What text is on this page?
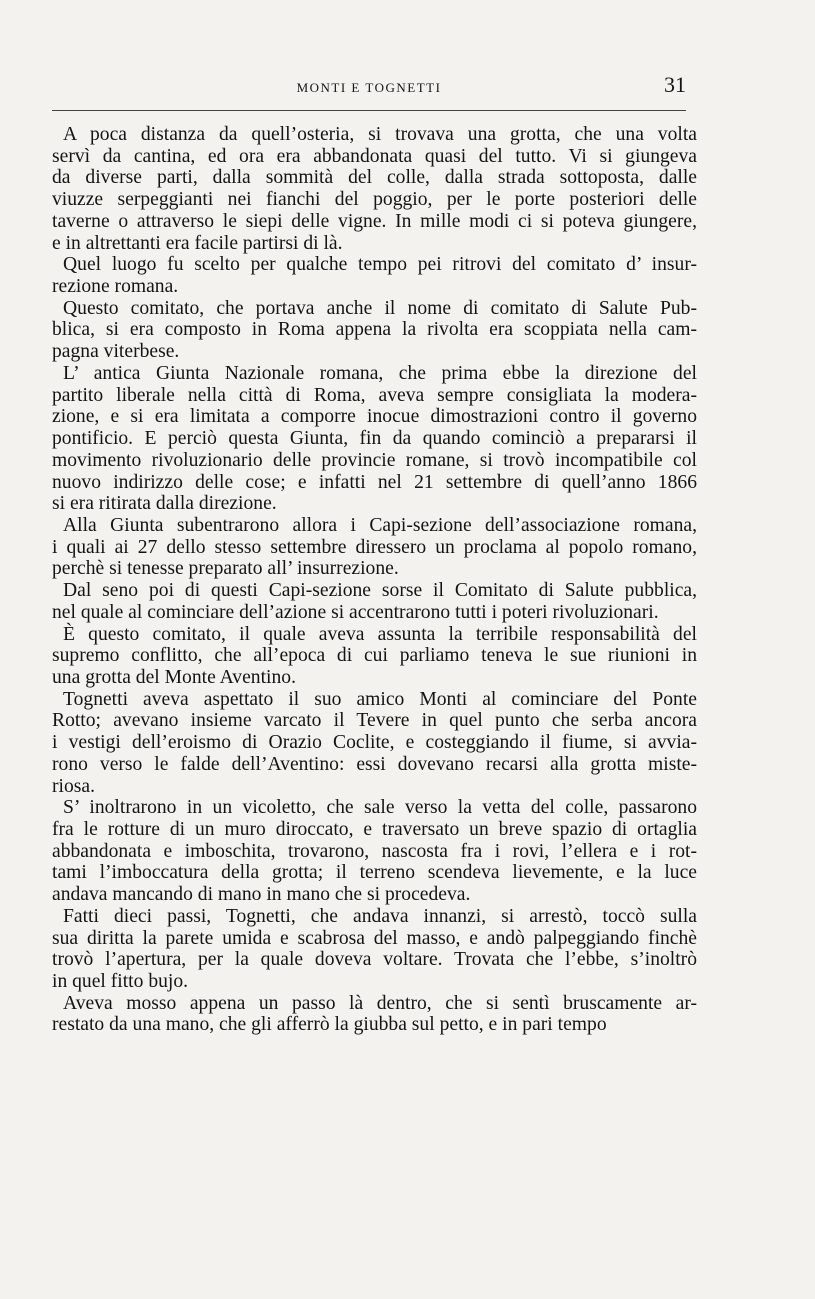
MONTI E TOGNETTI	31

A poca distanza da quell’osteria, si trovava una grotta, che una volta
servì da cantina, ed ora era abbandonata quasi del tutto. Vi si giungeva
da diverse parti, dalla sommità del colle, dalla strada sottoposta, dalle
viuzze serpeggianti nei fianchi del poggio, per le porte posteriori delle
taverne o attraverso le siepi delle vigne. In mille modi ci si poteva giungere,
e in altrettanti era facile partirsi di là.

Quel luogo fu scelto per qualche tempo pei ritrovi del comitato d’ insur-
rezione romana.

Questo comitato, che portava anche il nome di comitato di Salute Pub-
blica, si era composto in Roma appena la rivolta era scoppiata nella cam-
pagna viterbese.

L’ antica Giunta Nazionale romana, che prima ebbe la direzione del
partito liberale nella città di Roma, aveva sempre consigliata la modera-
zione, e si era limitata a comporre inocue dimostrazioni contro il governo
pontificio. E perciò questa Giunta, fin da quando cominciò a prepararsi il
movimento rivoluzionario delle provincie romane, si trovò incompatibile col
nuovo indirizzo delle cose; e infatti nel 21 settembre di quell’anno 1866
si era ritirata dalla direzione.

Alla Giunta subentrarono allora i Capi-sezione dell’associazione romana,
i quali ai 27 dello stesso settembre diressero un proclama al popolo romano,
perchè si tenesse preparato all’ insurrezione.

Dal seno poi di questi Capi-sezione sorse il Comitato di Salute pubblica,
nel quale al cominciare dell’azione si accentrarono tutti i poteri rivoluzionari.

È questo comitato, il quale aveva assunta la terribile responsabilità del
supremo conflitto, che all’epoca di cui parliamo teneva le sue riunioni in
una grotta del Monte Aventino.

Tognetti aveva aspettato il suo amico Monti al cominciare del Ponte
Rotto; avevano insieme varcato il Tevere in quel punto che serba ancora
i vestigi dell’eroismo di Orazio Coclite, e costeggiando il fiume, si avvia-
rono verso le falde dell’Aventino: essi dovevano recarsi alla grotta miste-
riosa.

S’ inoltrarono in un vicoletto, che sale verso la vetta del colle, passarono
fra le rotture di un muro diroccato, e traversato un breve spazio di ortaglia
abbandonata e imboschita, trovarono, nascosta fra i rovi, l’ellera e i rot-
tami l’imboccatura della grotta; il terreno scendeva lievemente, e la luce
andava mancando di mano in mano che si procedeva.

Fatti dieci passi, Tognetti, che andava innanzi, si arrestò, toccò sulla
sua diritta la parete umida e scabrosa del masso, e andò palpeggiando finchè
trovò l’apertura, per la quale doveva voltare. Trovata che l’ebbe, s’inoltrò
in quel fitto bujo.

Aveva mosso appena un passo là dentro, che si sentì bruscamente ar-
restato da una mano, che gli afferrò la giubba sul petto, e in pari tempo
